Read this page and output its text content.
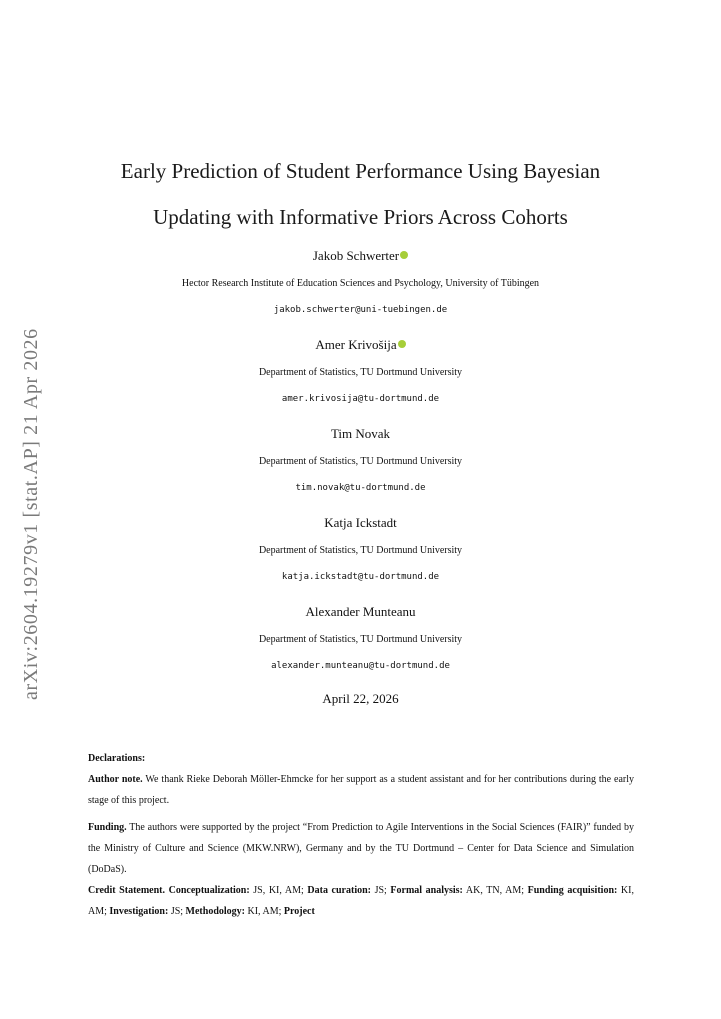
arXiv:2604.19279v1 [stat.AP] 21 Apr 2026
Early Prediction of Student Performance Using Bayesian
Updating with Informative Priors Across Cohorts
Jakob Schwerter
Hector Research Institute of Education Sciences and Psychology, University of Tübingen
jakob.schwerter@uni-tuebingen.de
Amer Krivošija
Department of Statistics, TU Dortmund University
amer.krivosija@tu-dortmund.de
Tim Novak
Department of Statistics, TU Dortmund University
tim.novak@tu-dortmund.de
Katja Ickstadt
Department of Statistics, TU Dortmund University
katja.ickstadt@tu-dortmund.de
Alexander Munteanu
Department of Statistics, TU Dortmund University
alexander.munteanu@tu-dortmund.de
April 22, 2026

Declarations:

Author note. We thank Rieke Deborah Möller-Ehmcke for her support as a student assistant and for her contributions during the early stage of this project.

Funding. The authors were supported by the project “From Prediction to Agile Interventions in the Social Sciences (FAIR)” funded by the Ministry of Culture and Science (MKW.NRW), Germany and by the TU Dortmund – Center for Data Science and Simulation (DoDaS).

Credit Statement. Conceptualization: JS, KI, AM; Data curation: JS; Formal analysis: AK, TN, AM; Funding acquisition: KI, AM; Investigation: JS; Methodology: KI, AM; Project
